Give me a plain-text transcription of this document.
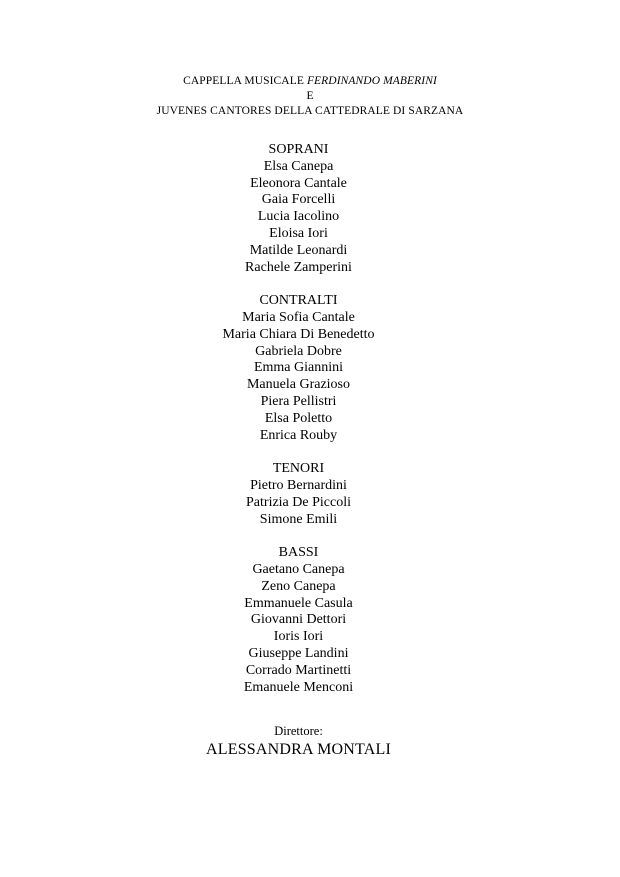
CAPPELLA MUSICALE FERDINANDO MABERINI
E
JUVENES CANTORES DELLA CATTEDRALE DI SARZANA
SOPRANI
Elsa Canepa
Eleonora Cantale
Gaia Forcelli
Lucia Iacolino
Eloisa Iori
Matilde Leonardi
Rachele Zamperini
CONTRALTI
Maria Sofia Cantale
Maria Chiara Di Benedetto
Gabriela Dobre
Emma Giannini
Manuela Grazioso
Piera Pellistri
Elsa Poletto
Enrica Rouby
TENORI
Pietro Bernardini
Patrizia De Piccoli
Simone Emili
BASSI
Gaetano Canepa
Zeno Canepa
Emmanuele Casula
Giovanni Dettori
Ioris Iori
Giuseppe Landini
Corrado Martinetti
Emanuele Menconi
Direttore:
ALESSANDRA MONTALI
